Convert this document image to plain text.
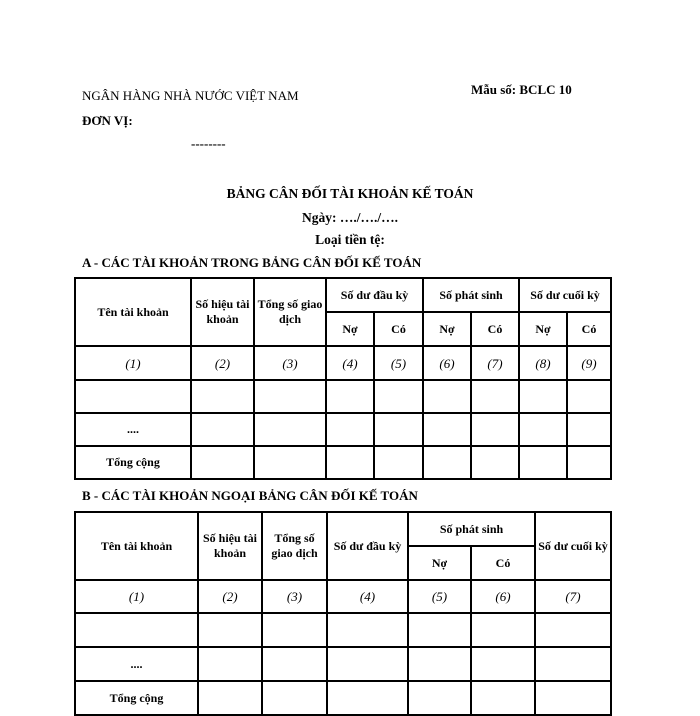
NGÂN HÀNG NHÀ NƯỚC VIỆT NAM	Mẫu số: BCLC 10
ĐƠN VỊ:
--------
BẢNG CÂN ĐỐI TÀI KHOẢN KẾ TOÁN
Ngày: …./…./….
Loại tiền tệ:
A - CÁC TÀI KHOẢN TRONG BẢNG CÂN ĐỐI KẾ TOÁN
Tên tài khoản	Số hiệu tài khoản	Tổng số giao dịch	Số dư đầu kỳ		Số phát sinh		Số dư cuối kỳ	
			Nợ	Có	Nợ	Có	Nợ	Có
(1)	(2)	(3)	(4)	(5)	(6)	(7)	(8)	(9)

....								
Tổng cộng								
B - CÁC TÀI KHOẢN NGOẠI BẢNG CÂN ĐỐI KẾ TOÁN
Tên tài khoản	Số hiệu tài khoản	Tổng số giao dịch	Số dư đầu kỳ	Số phát sinh		Số dư cuối kỳ
				Nợ	Có	
(1)	(2)	(3)	(4)	(5)	(6)	(7)

....						
Tổng cộng						
